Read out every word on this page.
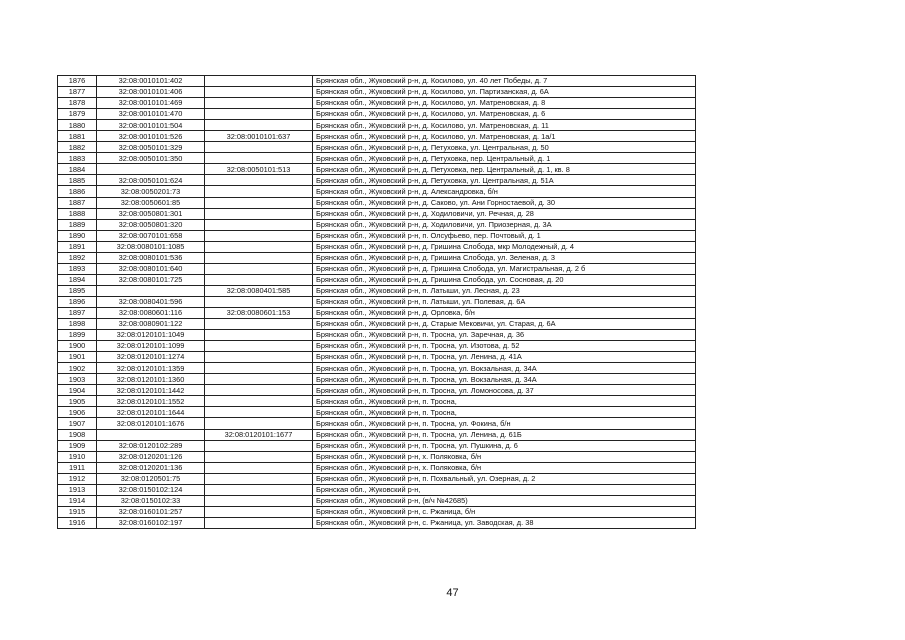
1876	32:08:0010101:402		Брянская обл., Жуковский р-н, д. Косилово, ул. 40 лет Победы, д. 7
1877	32:08:0010101:406		Брянская обл., Жуковский р-н, д. Косилово, ул. Партизанская, д. 6А
1878	32:08:0010101:469		Брянская обл., Жуковский р-н, д. Косилово, ул. Матреновская, д. 8
1879	32:08:0010101:470		Брянская обл., Жуковский р-н, д. Косилово, ул. Матреновская, д. 6
1880	32:08:0010101:504		Брянская обл., Жуковский р-н, д. Косилово, ул. Матреновская, д. 11
1881	32:08:0010101:526	32:08:0010101:637	Брянская обл., Жуковский р-н, д. Косилово, ул. Матреновская, д. 1а/1
1882	32:08:0050101:329		Брянская обл., Жуковский р-н, д. Петуховка, ул. Центральная, д. 50
1883	32:08:0050101:350		Брянская обл., Жуковский р-н, д. Петуховка, пер. Центральный, д. 1
1884		32:08:0050101:513	Брянская обл., Жуковский р-н, д. Петуховка, пер. Центральный, д. 1, кв. 8
1885	32:08:0050101:624		Брянская обл., Жуковский р-н, д. Петуховка, ул. Центральная, д. 51А
1886	32:08:0050201:73		Брянская обл., Жуковский р-н, д. Александровка, б/н
1887	32:08:0050601:85		Брянская обл., Жуковский р-н, д. Саково, ул. Ани Горностаевой, д. 30
1888	32:08:0050801:301		Брянская обл., Жуковский р-н, д. Ходиловичи, ул. Речная, д. 28
1889	32:08:0050801:320		Брянская обл., Жуковский р-н, д. Ходиловичи, ул. Приозерная, д. 3А
1890	32:08:0070101:658		Брянская обл., Жуковский р-н, п. Олсуфьево, пер. Почтовый, д. 1
1891	32:08:0080101:1085		Брянская обл., Жуковский р-н, д. Гришина Слобода, мкр Молодежный, д. 4
1892	32:08:0080101:536		Брянская обл., Жуковский р-н, д. Гришина Слобода, ул. Зеленая, д. 3
1893	32:08:0080101:640		Брянская обл., Жуковский р-н, д. Гришина Слобода, ул. Магистральная, д. 2 б
1894	32:08:0080101:725		Брянская обл., Жуковский р-н, д. Гришина Слобода, ул. Сосновая, д. 20
1895		32:08:0080401:585	Брянская обл., Жуковский р-н, п. Латыши, ул. Лесная, д. 23
1896	32:08:0080401:596		Брянская обл., Жуковский р-н, п. Латыши, ул. Полевая, д. 6А
1897	32:08:0080601:116	32:08:0080601:153	Брянская обл., Жуковский р-н, д. Орловка, б/н
1898	32:08:0080901:122		Брянская обл., Жуковский р-н, д. Старые Мековичи, ул. Старая, д. 6А
1899	32:08:0120101:1049		Брянская обл., Жуковский р-н, п. Тросна, ул. Заречная, д. 36
1900	32:08:0120101:1099		Брянская обл., Жуковский р-н, п. Тросна, ул. Изотова, д. 52
1901	32:08:0120101:1274		Брянская обл., Жуковский р-н, п. Тросна, ул. Ленина, д. 41А
1902	32:08:0120101:1359		Брянская обл., Жуковский р-н, п. Тросна, ул. Вокзальная, д. 34А
1903	32:08:0120101:1360		Брянская обл., Жуковский р-н, п. Тросна, ул. Вокзальная, д. 34А
1904	32:08:0120101:1442		Брянская обл., Жуковский р-н, п. Тросна, ул. Ломоносова, д. 37
1905	32:08:0120101:1552		Брянская обл., Жуковский р-н, п. Тросна,
1906	32:08:0120101:1644		Брянская обл., Жуковский р-н, п. Тросна,
1907	32:08:0120101:1676		Брянская обл., Жуковский р-н, п. Тросна, ул. Фокина, б/н
1908		32:08:0120101:1677	Брянская обл., Жуковский р-н, п. Тросна, ул. Ленина, д. 61Б
1909	32:08:0120102:289		Брянская обл., Жуковский р-н, п. Тросна, ул. Пушкина, д. 6
1910	32:08:0120201:126		Брянская обл., Жуковский р-н, х. Поляковка, б/н
1911	32:08:0120201:136		Брянская обл., Жуковский р-н, х. Поляковка, б/н
1912	32:08:0120501:75		Брянская обл., Жуковский р-н, п. Похвальный, ул. Озерная, д. 2
1913	32:08:0150102:124		Брянская обл., Жуковский р-н,
1914	32:08:0150102:33		Брянская обл., Жуковский р-н, (в/ч №42685)
1915	32:08:0160101:257		Брянская обл., Жуковский р-н, с. Ржаница, б/н
1916	32:08:0160102:197		Брянская обл., Жуковский р-н, с. Ржаница, ул. Заводская, д. 38
47
